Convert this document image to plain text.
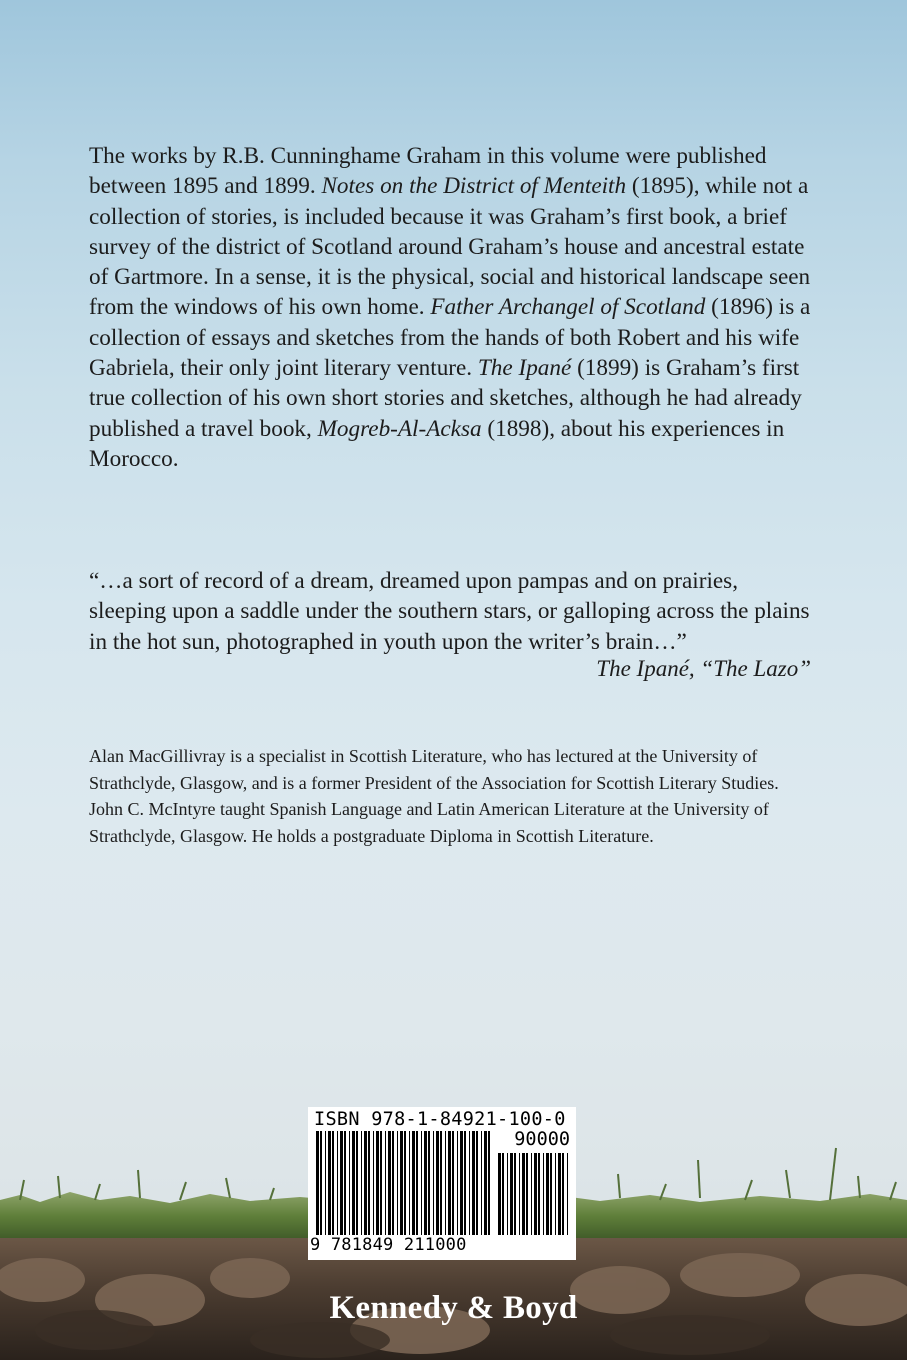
The works by R.B. Cunninghame Graham in this volume were published between 1895 and 1899. Notes on the District of Menteith (1895), while not a collection of stories, is included because it was Graham’s first book, a brief survey of the district of Scotland around Graham’s house and ancestral estate of Gartmore. In a sense, it is the physical, social and historical landscape seen from the windows of his own home. Father Archangel of Scotland (1896) is a collection of essays and sketches from the hands of both Robert and his wife Gabriela, their only joint literary venture. The Ipané (1899) is Graham’s first true collection of his own short stories and sketches, although he had already published a travel book, Mogreb-Al-Acksa (1898), about his experiences in Morocco.

“…a sort of record of a dream, dreamed upon pampas and on prairies, sleeping upon a saddle under the southern stars, or galloping across the plains in the hot sun, photographed in youth upon the writer’s brain…”

The Ipané, “The Lazo”

Alan MacGillivray is a specialist in Scottish Literature, who has lectured at the University of Strathclyde, Glasgow, and is a former President of the Association for Scottish Literary Studies.

John C. McIntyre taught Spanish Language and Latin American Literature at the University of Strathclyde, Glasgow. He holds a postgraduate Diploma in Scottish Literature.

ISBN 978-1-84921-100-0
90000
9 781849 211000
Kennedy & Boyd
